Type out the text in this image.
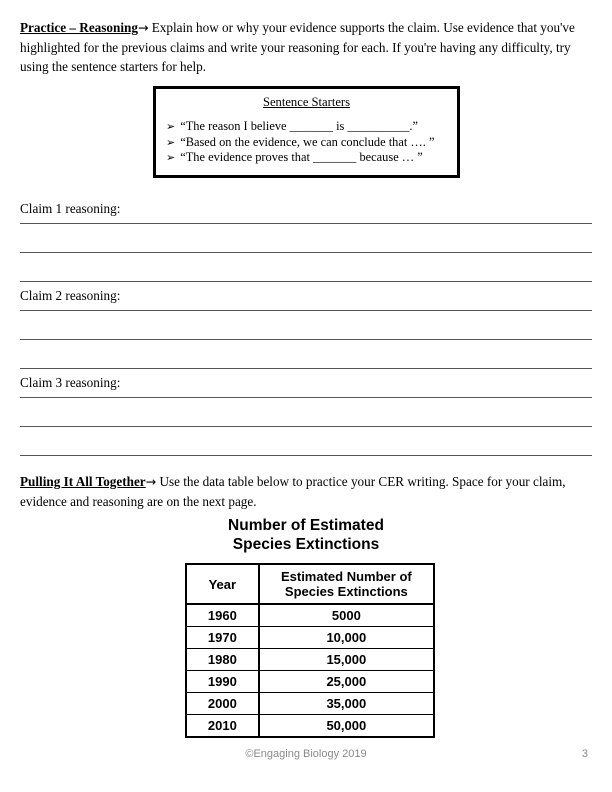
Practice – Reasoning→ Explain how or why your evidence supports the claim. Use evidence that you've highlighted for the previous claims and write your reasoning for each. If you're having any difficulty, try using the sentence starters for help.
Sentence Starters
➢ “The reason I believe _______ is __________.”
➢ “Based on the evidence, we can conclude that …. ”
➢ “The evidence proves that _______ because … ”
Claim 1 reasoning:
Claim 2 reasoning:
Claim 3 reasoning:
Pulling It All Together→ Use the data table below to practice your CER writing. Space for your claim, evidence and reasoning are on the next page.
Number of Estimated
Species Extinctions
Year	Estimated Number of
Species Extinctions

1960	5000
1970	10,000
1980	15,000
1990	25,000
2000	35,000
2010	50,000
©Engaging Biology 2019	3
